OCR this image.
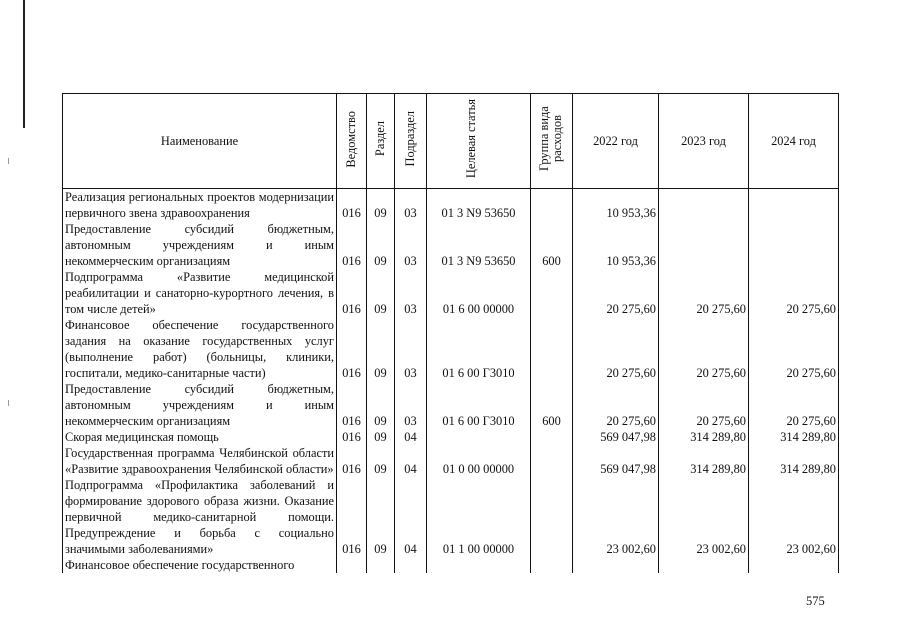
Наименование	Ведомство	Раздел	Подраздел	Целевая статья	Группа вида расходов	2022 год	2023 год	2024 год
Реализация региональных проектов модернизации первичного звена здравоохранения	016	09	03	01 3 N9 53650		10 953,36		
Предоставление субсидий бюджетным, автономным учреждениям и иным некоммерческим организациям	016	09	03	01 3 N9 53650	600	10 953,36		
Подпрограмма «Развитие медицинской реабилитации и санаторно-курортного лечения, в том числе детей»	016	09	03	01 6 00 00000		20 275,60	20 275,60	20 275,60
Финансовое обеспечение государственного задания на оказание государственных услуг (выполнение работ) (больницы, клиники, госпитали, медико-санитарные части)	016	09	03	01 6 00 Г3010		20 275,60	20 275,60	20 275,60
Предоставление субсидий бюджетным, автономным учреждениям и иным некоммерческим организациям	016	09	03	01 6 00 Г3010	600	20 275,60	20 275,60	20 275,60
Скорая медицинская помощь	016	09	04			569 047,98	314 289,80	314 289,80
Государственная программа Челябинской области «Развитие здравоохранения Челябинской области»	016	09	04	01 0 00 00000		569 047,98	314 289,80	314 289,80
Подпрограмма «Профилактика заболеваний и формирование здорового образа жизни. Оказание первичной медико-санитарной помощи. Предупреждение и борьба с социально значимыми заболеваниями»	016	09	04	01 1 00 00000		23 002,60	23 002,60	23 002,60
Финансовое обеспечение государственного								
575
